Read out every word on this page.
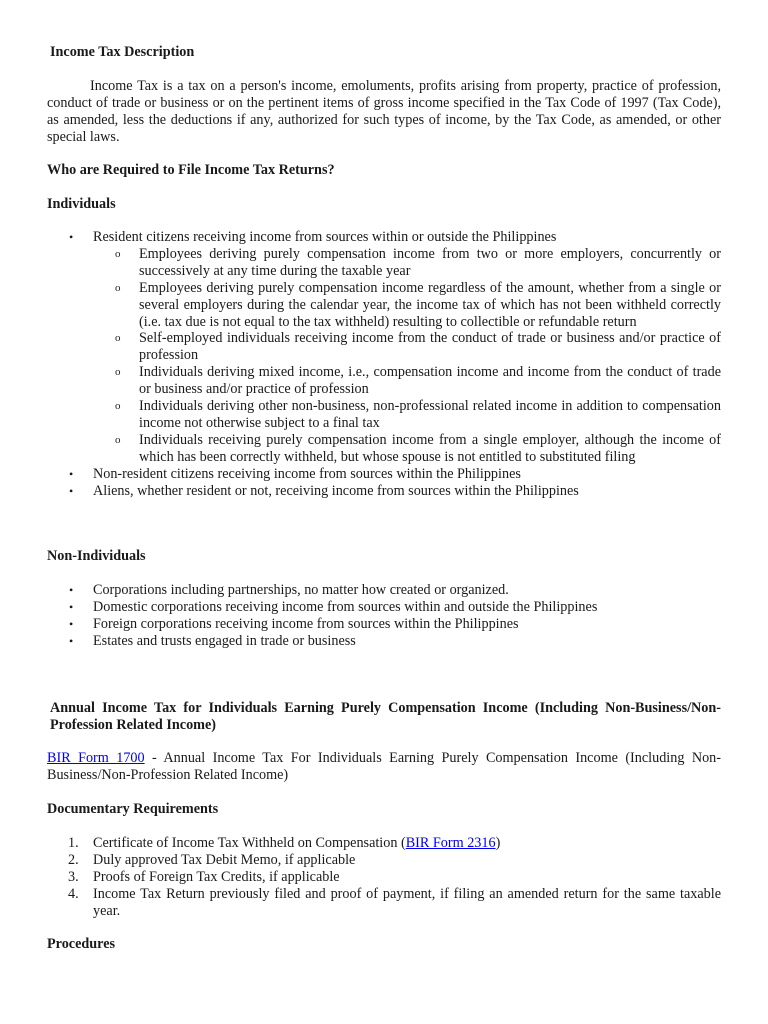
Income Tax Description

Income Tax is a tax on a person's income, emoluments, profits arising from property, practice of profession, conduct of trade or business or on the pertinent items of gross income specified in the Tax Code of 1997 (Tax Code), as amended, less the deductions if any, authorized for such types of income, by the Tax Code, as amended, or other special laws.

Who are Required to File Income Tax Returns?
Individuals
• Resident citizens receiving income from sources within or outside the Philippines
o Employees deriving purely compensation income from two or more employers, concurrently or successively at any time during the taxable year
o Employees deriving purely compensation income regardless of the amount, whether from a single or several employers during the calendar year, the income tax of which has not been withheld correctly (i.e. tax due is not equal to the tax withheld) resulting to collectible or refundable return
o Self-employed individuals receiving income from the conduct of trade or business and/or practice of profession
o Individuals deriving mixed income, i.e., compensation income and income from the conduct of trade or business and/or practice of profession
o Individuals deriving other non-business, non-professional related income in addition to compensation income not otherwise subject to a final tax
o Individuals receiving purely compensation income from a single employer, although the income of which has been correctly withheld, but whose spouse is not entitled to substituted filing
• Non-resident citizens receiving income from sources within the Philippines
• Aliens, whether resident or not, receiving income from sources within the Philippines
Non-Individuals
• Corporations including partnerships, no matter how created or organized.
• Domestic corporations receiving income from sources within and outside the Philippines
• Foreign corporations receiving income from sources within the Philippines
• Estates and trusts engaged in trade or business
Annual Income Tax for Individuals Earning Purely Compensation Income (Including Non-Business/Non-Profession Related Income)

BIR Form 1700 - Annual Income Tax For Individuals Earning Purely Compensation Income (Including Non-Business/Non-Profession Related Income)

Documentary Requirements
1. Certificate of Income Tax Withheld on Compensation (BIR Form 2316)
2. Duly approved Tax Debit Memo, if applicable
3. Proofs of Foreign Tax Credits, if applicable
4. Income Tax Return previously filed and proof of payment, if filing an amended return for the same taxable year.
Procedures
